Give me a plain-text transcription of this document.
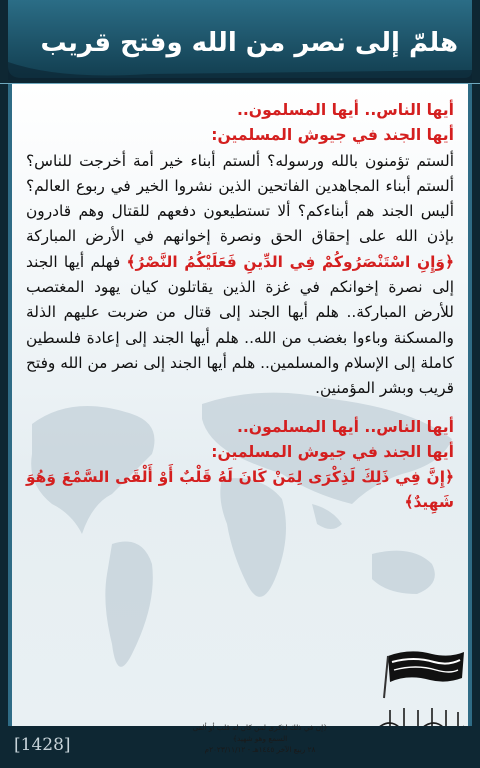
هلمّ إلى نصر من الله وفتح قريب
أيها الناس.. أيها المسلمون..
أيها الجند في جيوش المسلمين:
ألستم تؤمنون بالله ورسوله؟ ألستم أبناء خير أمة أخرجت للناس؟ ألستم أبناء المجاهدين الفاتحين الذين نشروا الخير في ربوع العالم؟ أليس الجند هم أبناءكم؟ ألا تستطيعون دفعهم للقتال وهم قادرون بإذن الله على إحقاق الحق ونصرة إخوانهم في الأرض المباركة ﴿وَإِنِ اسْتَنْصَرُوكُمْ فِي الدِّينِ فَعَلَيْكُمُ النَّصْرُ﴾ فهلم أيها الجند إلى نصرة إخوانكم في غزة الذين يقاتلون كيان يهود المغتصب للأرض المباركة.. هلم أيها الجند إلى قتال من ضربت عليهم الذلة والمسكنة وباءوا بغضب من الله.. هلم أيها الجند إلى إعادة فلسطين كاملة إلى الإسلام والمسلمين.. هلم أيها الجند إلى نصر من الله وفتح قريب وبشر المؤمنين.
أيها الناس.. أيها المسلمون..
أيها الجند في جيوش المسلمين:
﴿إِنَّ فِي ذَلِكَ لَذِكْرَى لِمَنْ كَانَ لَهُ قَلْبٌ أَوْ أَلْقَى السَّمْعَ وَهُوَ شَهِيدٌ﴾
﴿إن في ذلك لذكرى لمن كان له قلب أو ألقى السمع وهو شهيد﴾
٢٨ ربيع الآخر ١٤٤٥هـ - ٢٠٢٣/١١/١٢م
[1428]
